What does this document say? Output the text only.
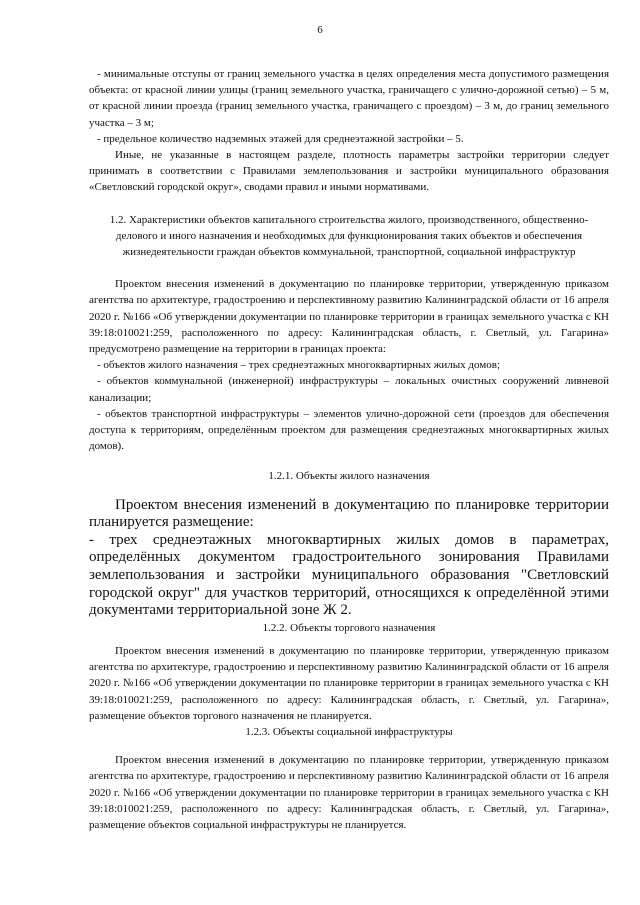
6

- минимальные отступы от границ земельного участка в целях определения места допустимого размещения объекта: от красной линии улицы (границ земельного участка, граничащего с улично-дорожной сетью) – 5 м, от красной линии проезда (границ земельного участка, граничащего с проездом) – 3 м, до границ земельного участка – 3 м;

- предельное количество надземных этажей для среднеэтажной застройки – 5.

Иные, не указанные в настоящем разделе, плотность параметры застройки территории следует принимать в соответствии с Правилами землепользования и застройки муниципального образования «Светловский городской округ», сводами правил и иными нормативами.

1.2. Характеристики объектов капитального строительства жилого, производственного, общественно-делового и иного назначения и необходимых для функционирования таких объектов и обеспечения жизнедеятельности граждан объектов коммунальной, транспортной, социальной инфраструктур

Проектом внесения изменений в документацию по планировке территории, утвержденную приказом агентства по архитектуре, градостроению и перспективному развитию Калининградской области от 16 апреля 2020 г. №166 «Об утверждении документации по планировке территории в границах земельного участка с КН 39:18:010021:259, расположенного по адресу: Калининградская область, г. Светлый, ул. Гагарина» предусмотрено размещение на территории в границах проекта:

- объектов жилого назначения – трех среднеэтажных многоквартирных жилых домов;

- объектов коммунальной (инженерной) инфраструктуры – локальных очистных сооружений ливневой канализации;

- объектов транспортной инфраструктуры – элементов улично-дорожной сети (проездов для обеспечения доступа к территориям, определённым проектом для размещения среднеэтажных многоквартирных жилых домов).

1.2.1. Объекты жилого назначения

Проектом внесения изменений в документацию по планировке территории планируется размещение:

- трех среднеэтажных многоквартирных жилых домов в параметрах, определённых документом градостроительного зонирования Правилами землепользования и застройки муниципального образования "Светловский городской округ" для участков территорий, относящихся к определённой этими документами территориальной зоне Ж 2.

1.2.2. Объекты торгового назначения

Проектом внесения изменений в документацию по планировке территории, утвержденную приказом агентства по архитектуре, градостроению и перспективному развитию Калининградской области от 16 апреля 2020 г. №166 «Об утверждении документации по планировке территории в границах земельного участка с КН 39:18:010021:259, расположенного по адресу: Калининградская область, г. Светлый, ул. Гагарина», размещение объектов торгового назначения не планируется.

1.2.3. Объекты социальной инфраструктуры

Проектом внесения изменений в документацию по планировке территории, утвержденную приказом агентства по архитектуре, градостроению и перспективному развитию Калининградской области от 16 апреля 2020 г. №166 «Об утверждении документации по планировке территории в границах земельного участка с КН 39:18:010021:259, расположенного по адресу: Калининградская область, г. Светлый, ул. Гагарина», размещение объектов социальной инфраструктуры не планируется.
